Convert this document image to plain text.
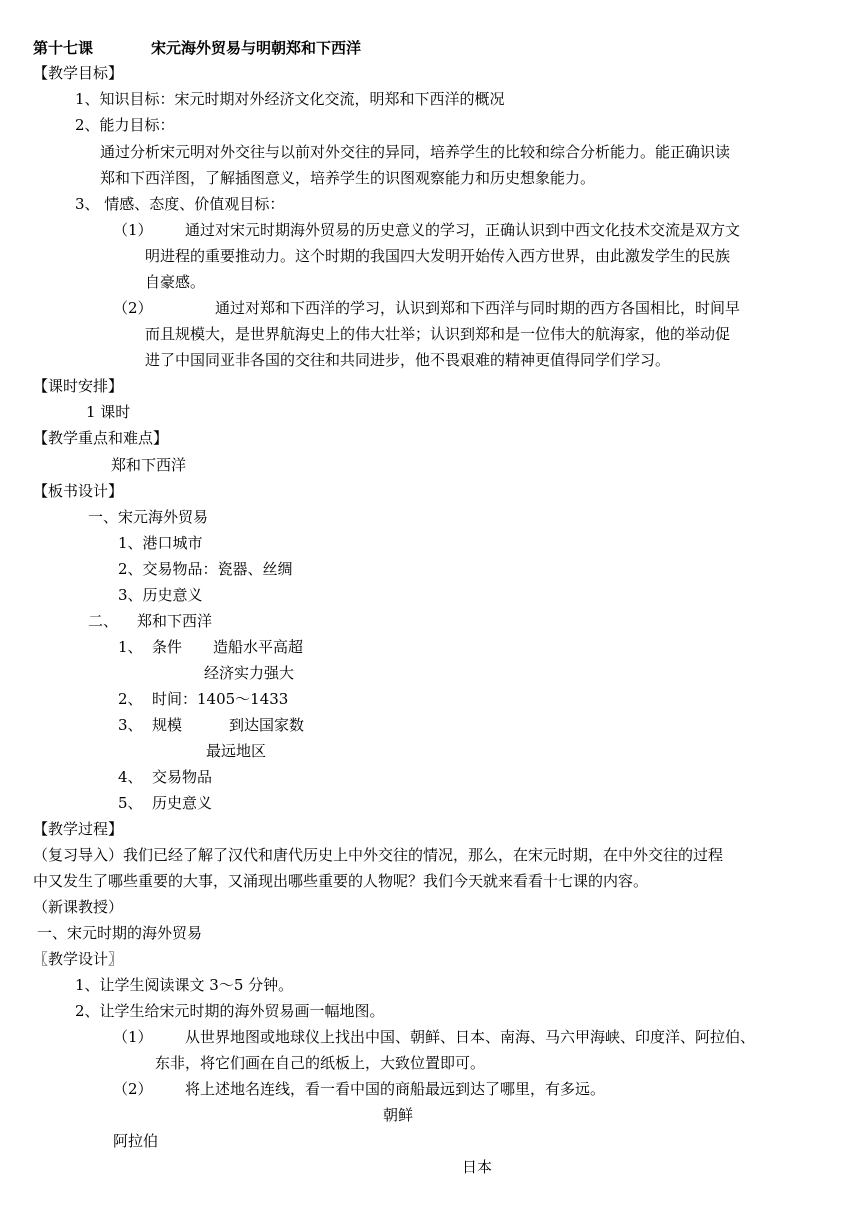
第十七课	宋元海外贸易与明朝郑和下西洋
【教学目标】
1、知识目标：宋元时期对外经济文化交流，明郑和下西洋的概况
2、能力目标：
通过分析宋元明对外交往与以前对外交往的异同，培养学生的比较和综合分析能力。能正确识读
郑和下西洋图，了解插图意义，培养学生的识图观察能力和历史想象能力。
3、 情感、态度、价值观目标：
（1） 通过对宋元时期海外贸易的历史意义的学习，正确认识到中西文化技术交流是双方文
明进程的重要推动力。这个时期的我国四大发明开始传入西方世界，由此激发学生的民族
自豪感。
（2）	通过对郑和下西洋的学习，认识到郑和下西洋与同时期的西方各国相比，时间早
而且规模大，是世界航海史上的伟大壮举；认识到郑和是一位伟大的航海家，他的举动促
进了中国同亚非各国的交往和共同进步，他不畏艰难的精神更值得同学们学习。
【课时安排】
1 课时
【教学重点和难点】
郑和下西洋
【板书设计】
一、宋元海外贸易
1、港口城市
2、交易物品：瓷器、丝绸
3、历史意义
二、 郑和下西洋
1、 条件 造船水平高超
经济实力强大
2、 时间：1405～1433
3、 规模	到达国家数
最远地区
4、 交易物品
5、 历史意义
【教学过程】
（复习导入）我们已经了解了汉代和唐代历史上中外交往的情况，那么，在宋元时期，在中外交往的过程
中又发生了哪些重要的大事，又涌现出哪些重要的人物呢？我们今天就来看看十七课的内容。
（新课教授）
一、宋元时期的海外贸易
〖教学设计〗
1、让学生阅读课文 3～5 分钟。
2、让学生给宋元时期的海外贸易画一幅地图。
（1） 从世界地图或地球仪上找出中国、朝鲜、日本、南海、马六甲海峡、印度洋、阿拉伯、
东非，将它们画在自己的纸板上，大致位置即可。
（2） 将上述地名连线，看一看中国的商船最远到达了哪里，有多远。
朝鲜
阿拉伯
日本
